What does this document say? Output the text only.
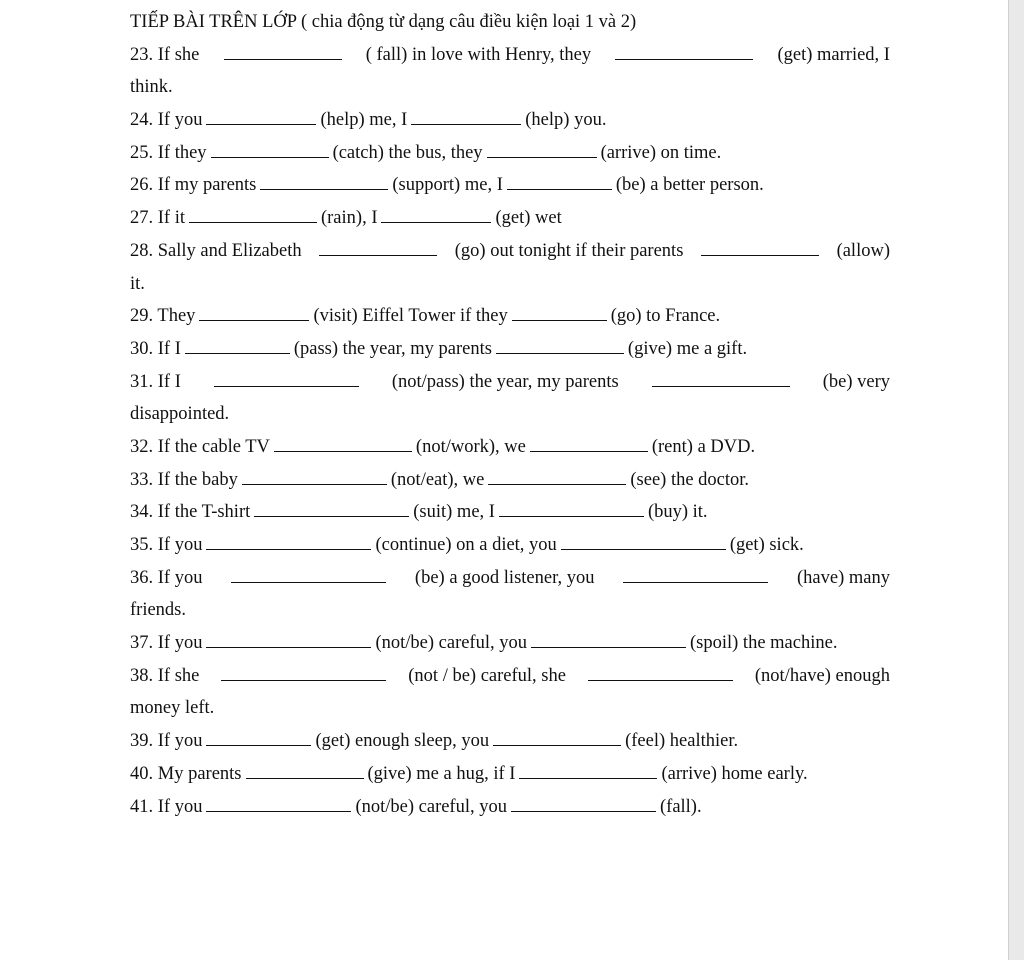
TIẾP BÀI TRÊN LỚP ( chia động từ dạng câu điều kiện loại 1 và 2)
23. If she	( fall) in love with Henry, they	(get) married, I
think.
24. If you	(help) me, I	(help) you.
25. If they	(catch) the bus, they	(arrive) on time.
26. If my parents	(support) me, I	(be) a better person.
27. If it	(rain), I	(get) wet
28. Sally and Elizabeth	(go) out tonight if their parents	(allow)
it.
29. They	(visit) Eiffel Tower if they	(go) to France.
30. If I	(pass) the year, my parents	(give) me a gift.
31. If I	(not/pass) the year, my parents	(be) very
disappointed.
32. If the cable TV	(not/work), we	(rent) a DVD.
33. If the baby	(not/eat), we	(see) the doctor.
34. If the T-shirt	(suit) me, I	(buy) it.
35. If you	(continue) on a diet, you	(get) sick.
36. If you	(be) a good listener, you	(have) many
friends.
37. If you	(not/be) careful, you	(spoil) the machine.
38. If she	(not / be) careful, she	(not/have) enough
money left.
39. If you	(get) enough sleep, you	(feel) healthier.
40. My parents	(give) me a hug, if I	(arrive) home early.
41. If you	(not/be) careful, you	(fall).
